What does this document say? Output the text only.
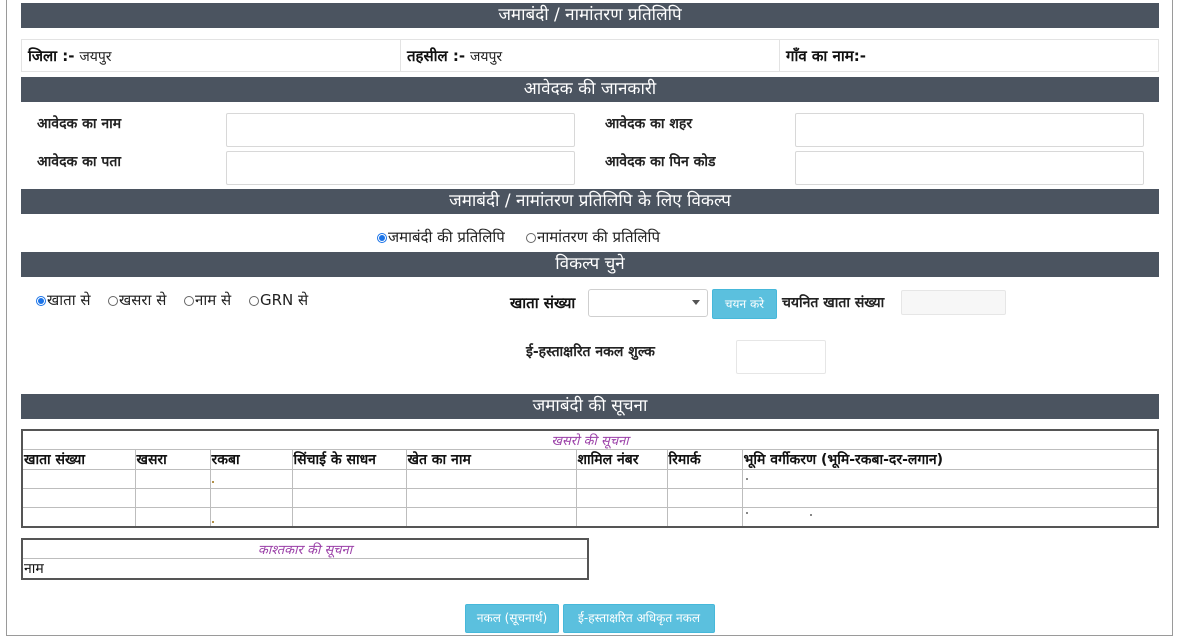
जमाबंदी / नामांतरण प्रतिलिपि
जिला :- जयपुर	तहसील :- जयपुर	गाँव का नाम:-
आवेदक की जानकारी
आवेदक का नाम	आवेदक का शहर
आवेदक का पता	आवेदक का पिन कोड
जमाबंदी / नामांतरण प्रतिलिपि के लिए विकल्प
जमाबंदी की प्रतिलिपि	नामांतरण की प्रतिलिपि
विकल्प चुने
खाता से	खसरा से	नाम से	GRN से	खाता संख्या	चयन करे	चयनित खाता संख्या
ई-हस्ताक्षरित नकल शुल्क
जमाबंदी की सूचना
खसरो की सूचना							
खाता संख्या	खसरा	रकबा	सिंचाई के साधन	खेत का नाम	शामिल नंबर	रिमार्क	भूमि वर्गीकरण (भूमि-रकबा-दर-लगान)

काश्तकार की सूचना
नाम
नकल (सूचनार्थ)	ई-हस्ताक्षरित अधिकृत नकल
